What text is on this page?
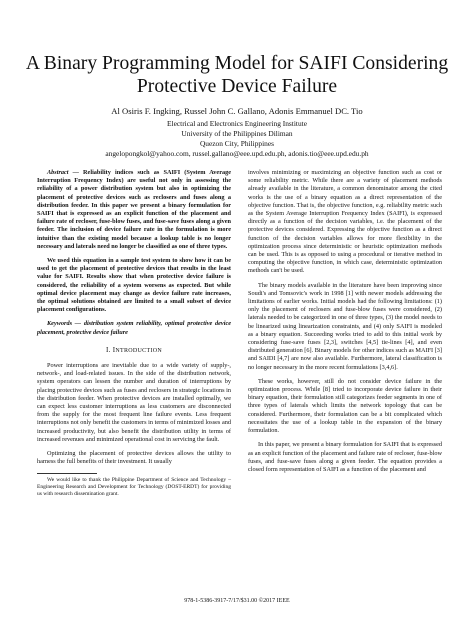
A Binary Programming Model for SAIFI Considering
Protective Device Failure
Al Osiris F. Ingking, Russel John C. Gallano, Adonis Emmanuel DC. Tio
Electrical and Electronics Engineering Institute
University of the Philippines Diliman
Quezon City, Philippines
angelopongkol@yahoo.com, russel.gallano@eee.upd.edu.ph, adonis.tio@eee.upd.edu.ph

Abstract — Reliability indices such as SAIFI (System Average Interruption Frequency Index) are useful not only in assessing the reliability of a power distribution system but also in optimizing the placement of protective devices such as reclosers and fuses along a distribution feeder. In this paper we present a binary formulation for SAIFI that is expressed as an explicit function of the placement and failure rate of recloser, fuse-blow fuses, and fuse-save fuses along a given feeder. The inclusion of device failure rate in the formulation is more intuitive than the existing model because a lookup table is no longer necessary and laterals need no longer be classified as one of three types.

We used this equation in a sample test system to show how it can be used to get the placement of protective devices that results in the least value for SAIFI. Results show that when protective device failure is considered, the reliability of a system worsens as expected. But while optimal device placement may change as device failure rate increases, the optimal solutions obtained are limited to a small subset of device placement configurations.

Keywords — distribution system reliability, optimal protective device placement, protective device failure

I. INTRODUCTION

Power interruptions are inevitable due to a wide variety of supply-, network-, and load-related issues. In the side of the distribution network, system operators can lessen the number and duration of interruptions by placing protective devices such as fuses and reclosers in strategic locations in the distribution feeder. When protective devices are installed optimally, we can expect less customer interruptions as less customers are disconnected from the supply for the most frequent line failure events. Less frequent interruptions not only benefit the customers in terms of minimized losses and increased productivity, but also benefit the distribution utility in terms of increased revenues and minimized operational cost in servicing the fault.

Optimizing the placement of protective devices allows the utility to harness the full benefits of their investment. It usually

We would like to thank the Philippine Department of Science and Technology – Engineering Research and Development for Technology (DOST-ERDT) for providing us with research dissemination grant.

involves minimizing or maximizing an objective function such as cost or some reliability metric. While there are a variety of placement methods already available in the literature, a common denominator among the cited works is the use of a binary equation as a direct representation of the objective function. That is, the objective function, e.g. reliability metric such as the System Average Interruption Frequency Index (SAIFI), is expressed directly as a function of the decision variables, i.e. the placement of the protective devices considered. Expressing the objective function as a direct function of the decision variables allows for more flexibility in the optimization process since deterministic or heuristic optimization methods can be used. This is as opposed to using a procedural or iterative method in computing the objective function, in which case, deterministic optimization methods can't be used.

The binary models available in the literature have been improving since Soudi's and Tomsovic's work in 1998 [1] with newer models addressing the limitations of earlier works. Initial models had the following limitations: (1) only the placement of reclosers and fuse-blow fuses were considered, (2) laterals needed to be categorized in one of three types, (3) the model needs to be linearized using linearization constraints, and (4) only SAIFI is modeled as a binary equation. Succeeding works tried to add to this initial work by considering fuse-save fuses [2,3], switches [4,5] tie-lines [4], and even distributed generation [6]. Binary models for other indices such as MAIFI [3] and SAIDI [4,7] are now also available. Furthermore, lateral classification is no longer necessary in the more recent formulations [3,4,6].

These works, however, still do not consider device failure in the optimization process. While [8] tried to incorporate device failure in their binary equation, their formulation still categorizes feeder segments in one of three types of laterals which limits the network topology that can be considered. Furthermore, their formulation can be a bit complicated which necessitates the use of a lookup table in the expansion of the binary formulation.

In this paper, we present a binary formulation for SAIFI that is expressed as an explicit function of the placement and failure rate of recloser, fuse-blow fuses, and fuse-save fuses along a given feeder. The equation provides a closed form representation of SAIFI as a function of the placement and

978-1-5386-3917-7/17/$31.00 ©2017 IEEE
